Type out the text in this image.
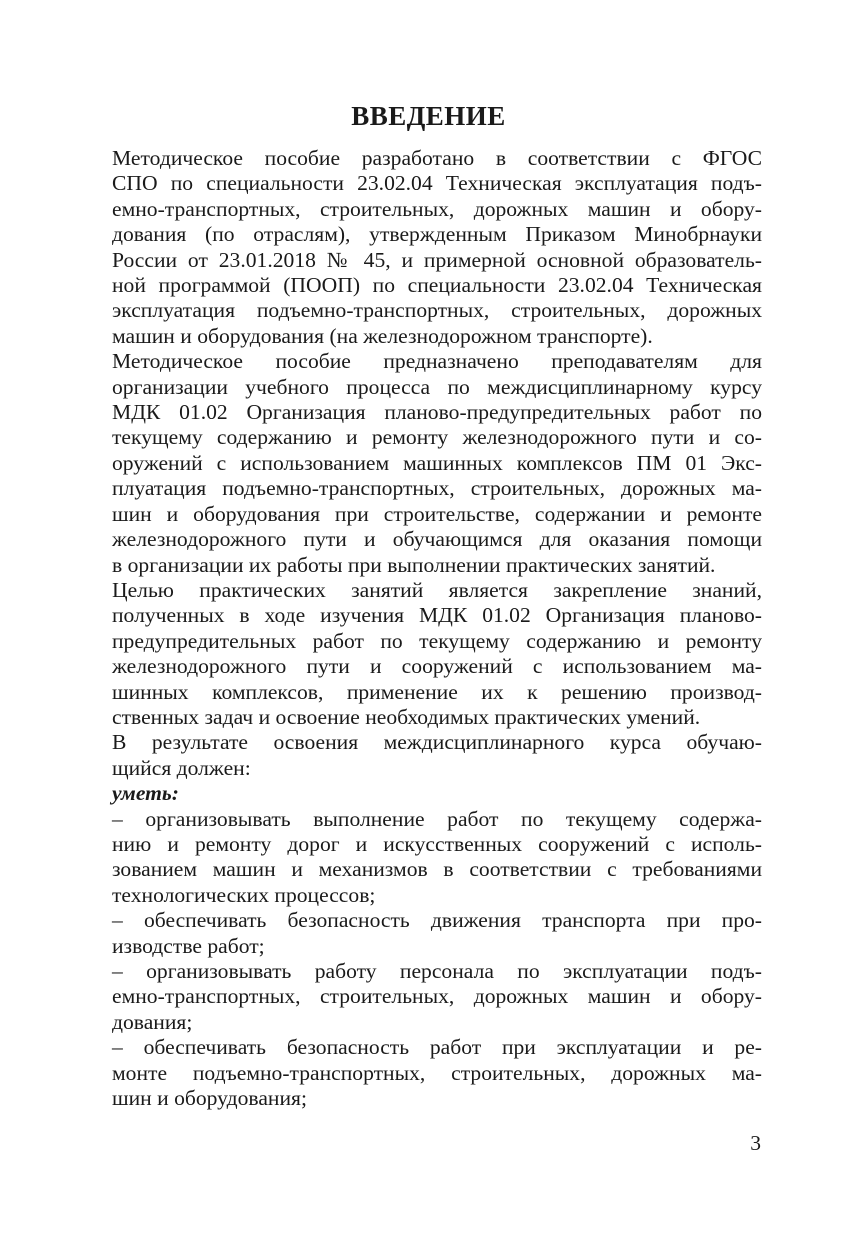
ВВЕДЕНИЕ
Методическое пособие разработано в соответствии с ФГОС
СПО по специальности 23.02.04 Техническая эксплуатация подъ-
емно-транспортных, строительных, дорожных машин и обору-
дования (по отраслям), утвержденным Приказом Минобрнауки
России от 23.01.2018 № 45, и примерной основной образователь-
ной программой (ПООП) по специальности 23.02.04 Техническая
эксплуатация подъемно-транспортных, строительных, дорожных
машин и оборудования (на железнодорожном транспорте).
Методическое пособие предназначено преподавателям для
организации учебного процесса по междисциплинарному курсу
МДК 01.02 Организация планово-предупредительных работ по
текущему содержанию и ремонту железнодорожного пути и со-
оружений с использованием машинных комплексов ПМ 01 Экс-
плуатация подъемно-транспортных, строительных, дорожных ма-
шин и оборудования при строительстве, содержании и ремонте
железнодорожного пути и обучающимся для оказания помощи
в организации их работы при выполнении практических занятий.
Целью практических занятий является закрепление знаний,
полученных в ходе изучения МДК 01.02 Организация планово-
предупредительных работ по текущему содержанию и ремонту
железнодорожного пути и сооружений с использованием ма-
шинных комплексов, применение их к решению производ-
ственных задач и освоение необходимых практических умений.
В результате освоения междисциплинарного курса обучаю-
щийся должен:
уметь:
– организовывать выполнение работ по текущему содержа-
нию и ремонту дорог и искусственных сооружений с исполь-
зованием машин и механизмов в соответствии с требованиями
технологических процессов;
– обеспечивать безопасность движения транспорта при про-
изводстве работ;
– организовывать работу персонала по эксплуатации подъ-
емно-транспортных, строительных, дорожных машин и обору-
дования;
– обеспечивать безопасность работ при эксплуатации и ре-
монте подъемно-транспортных, строительных, дорожных ма-
шин и оборудования;
3
